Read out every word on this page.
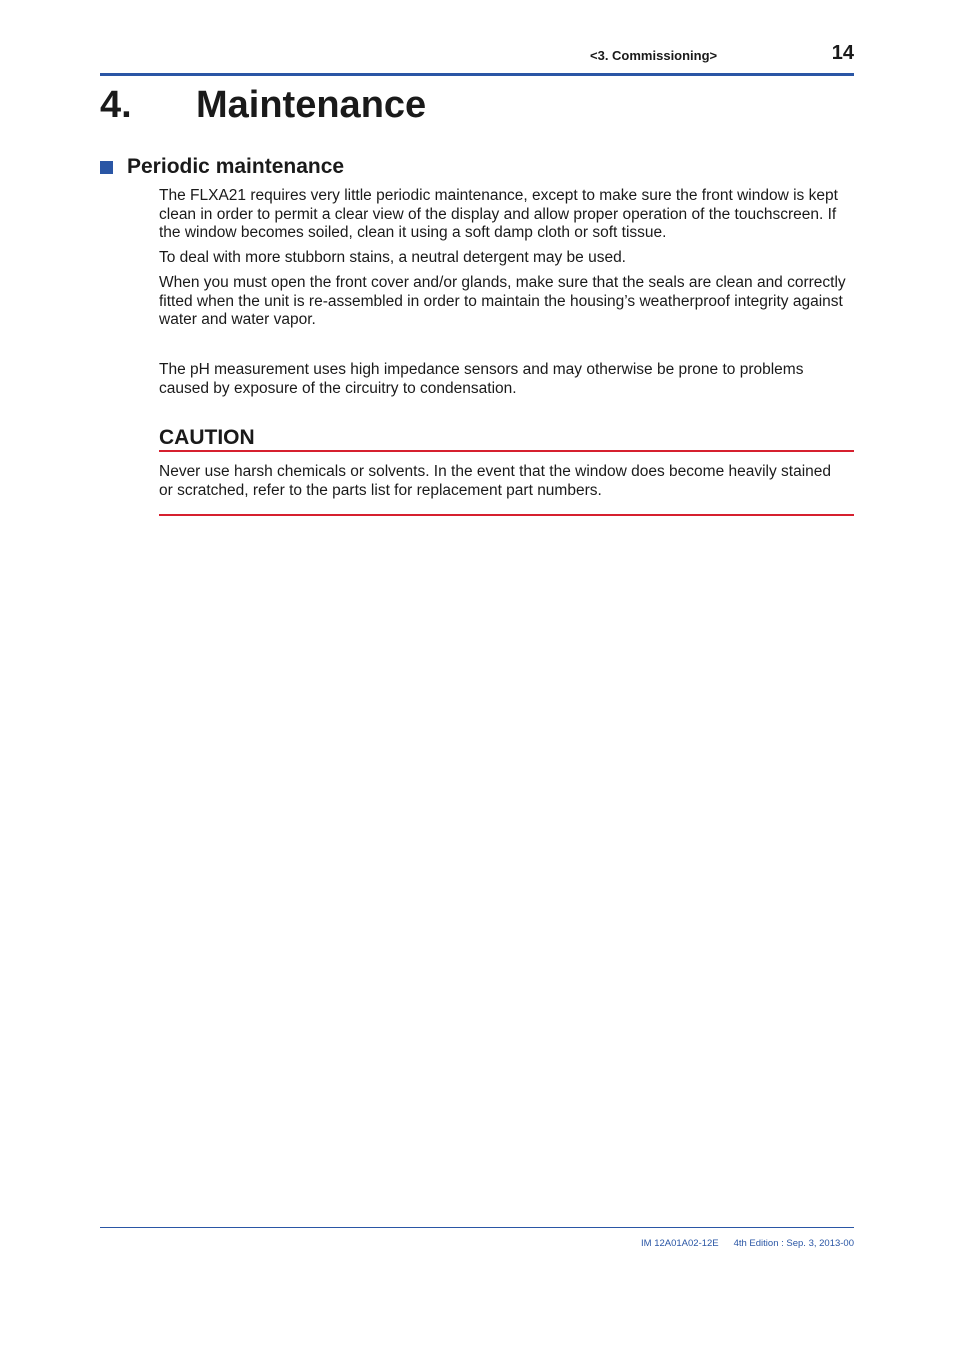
<3. Commissioning>	14
4. Maintenance
Periodic maintenance

The FLXA21 requires very little periodic maintenance, except to make sure the front window is kept clean in order to permit a clear view of the display and allow proper operation of the touchscreen. If the window becomes soiled, clean it using a soft damp cloth or soft tissue.

To deal with more stubborn stains, a neutral detergent may be used.

When you must open the front cover and/or glands, make sure that the seals are clean and correctly fitted when the unit is re-assembled in order to maintain the housing’s weatherproof integrity against water and water vapor.

The pH measurement uses high impedance sensors and may otherwise be prone to problems caused by exposure of the circuitry to condensation.

CAUTION

Never use harsh chemicals or solvents. In the event that the window does become heavily stained or scratched, refer to the parts list for replacement part numbers.

IM 12A01A02-12E 4th Edition : Sep. 3, 2013-00
